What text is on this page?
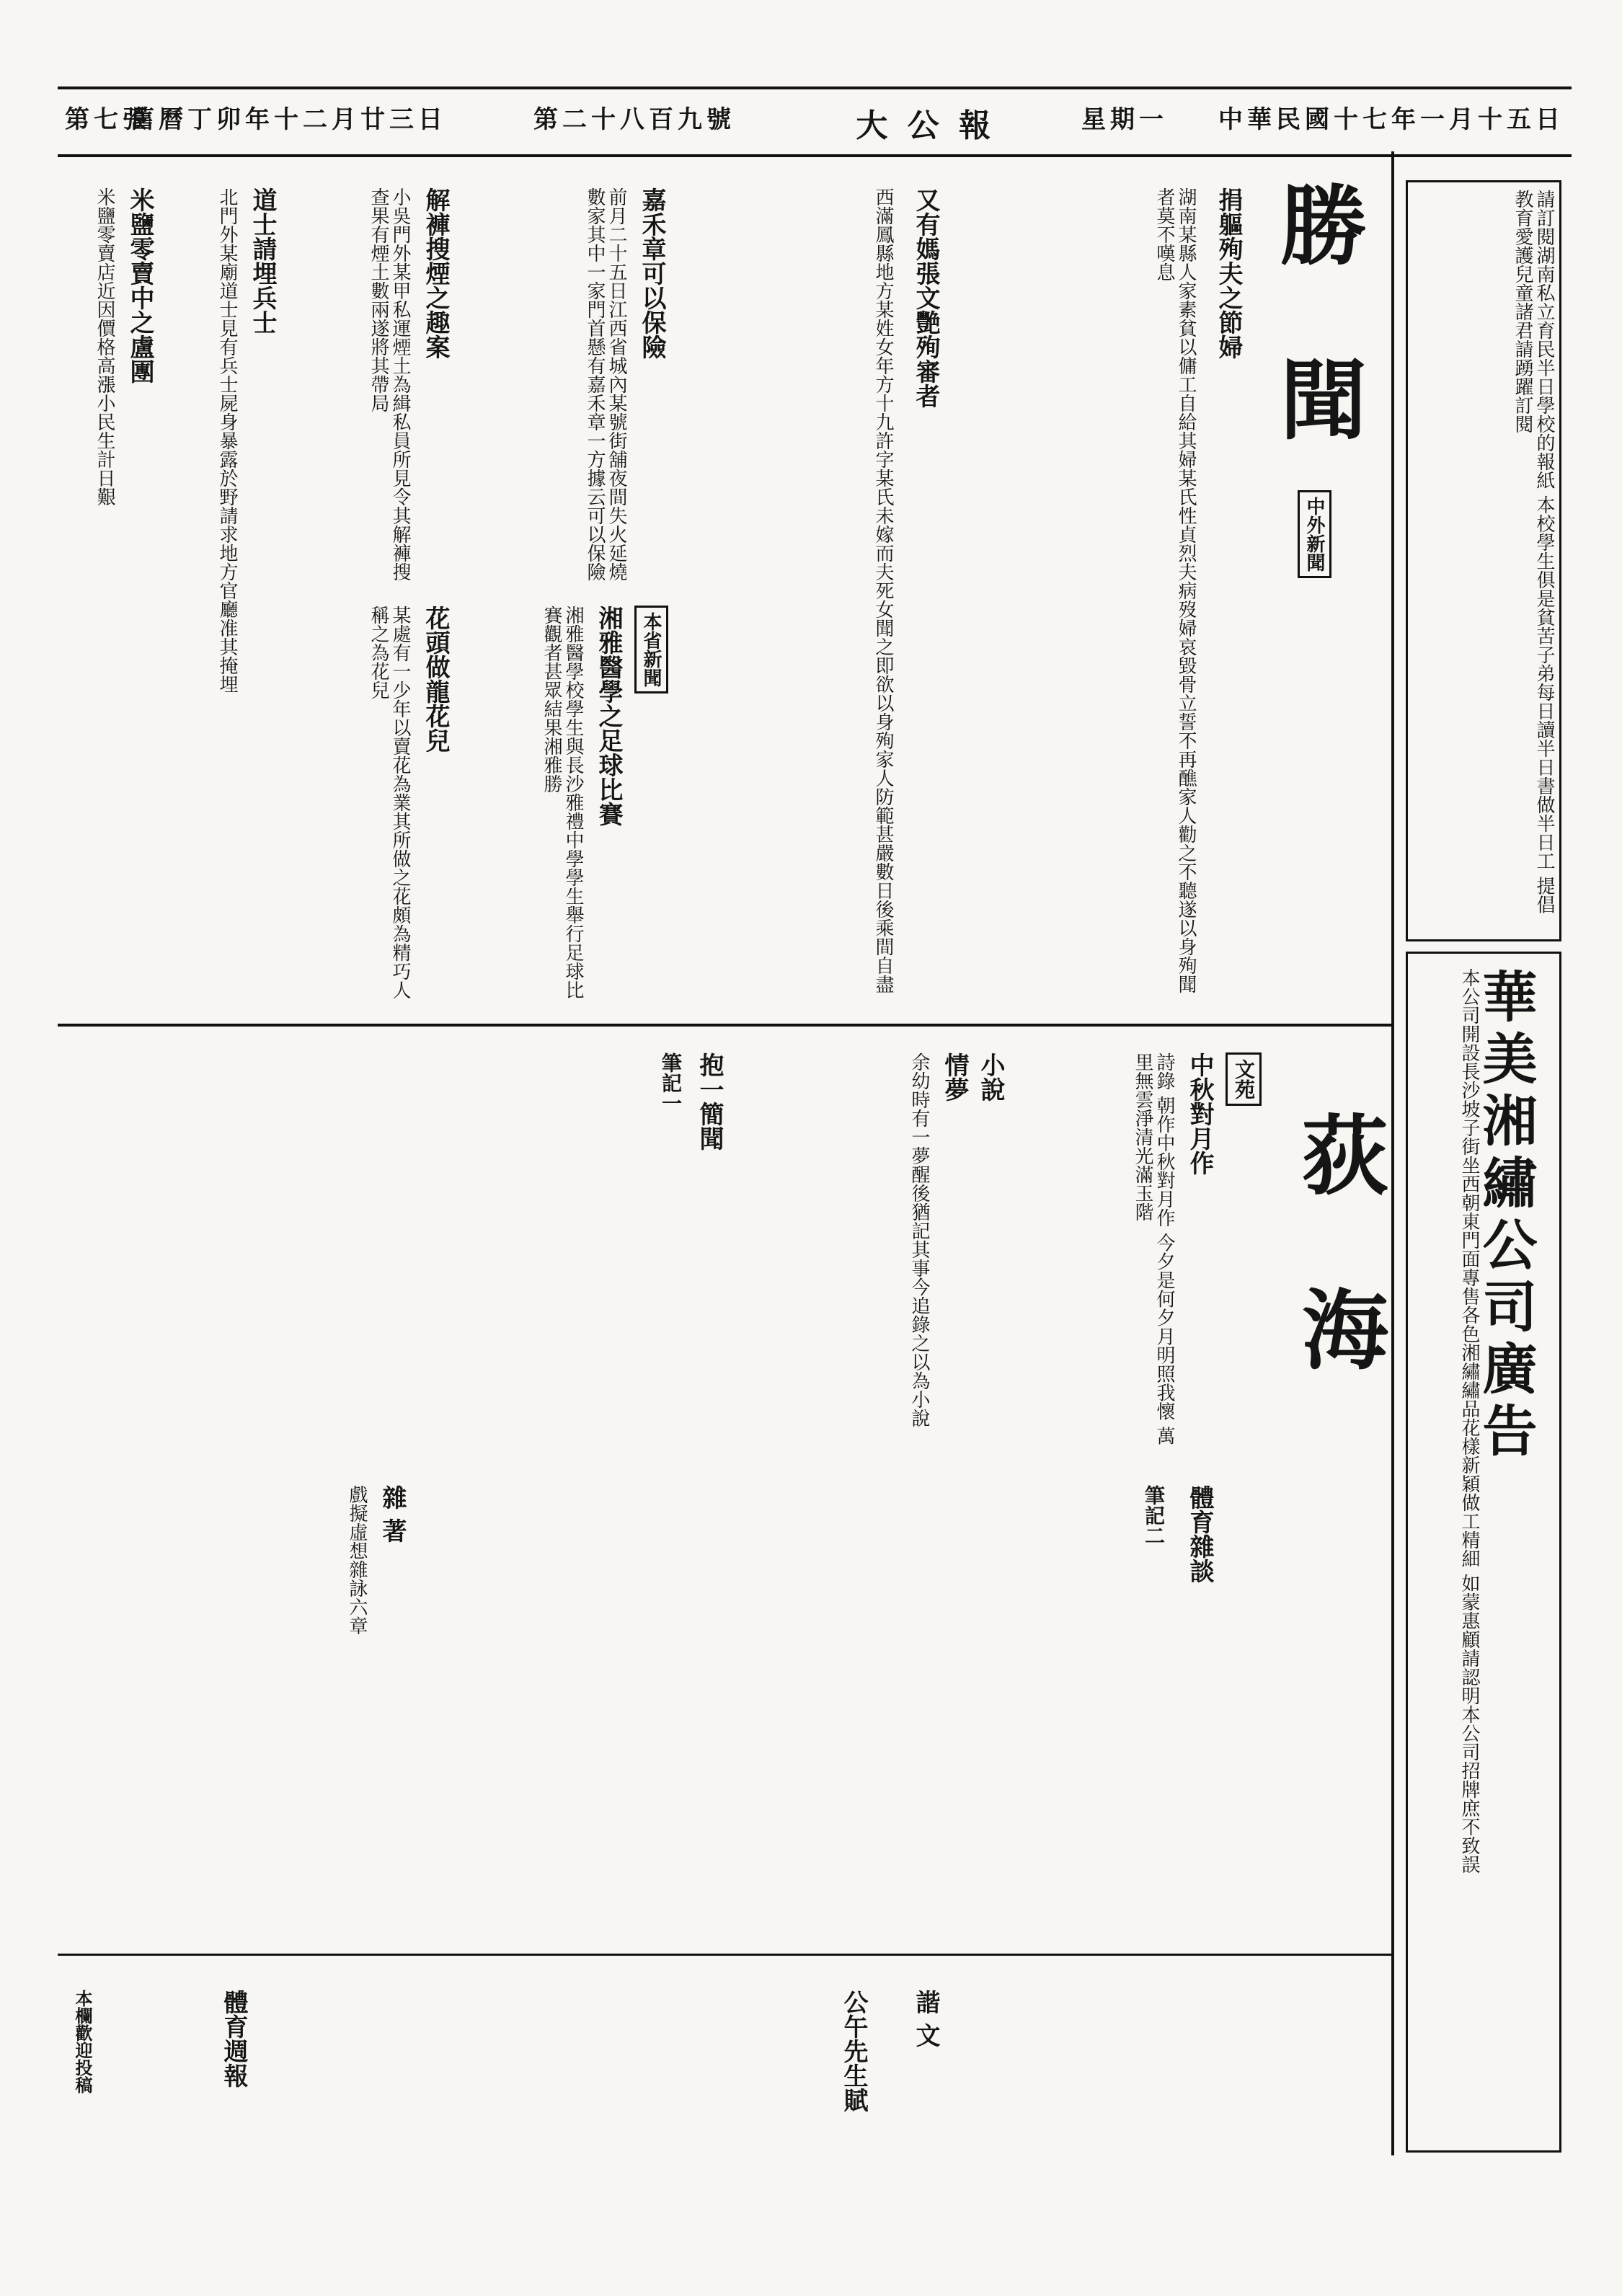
中華民國十七年一月十五日
星期一
大 公 報
第二十八百九號
舊曆丁卯年十二月廿三日
第七張
勝 聞
中外新聞
捐軀殉夫之節婦
湖南某縣人家素貧以傭工自給其婦某氏性貞烈夫病歿婦哀毀骨立誓不再醮家人勸之不聽遂以身殉聞者莫不嘆息
又有媽張文艷殉審者
西滿鳳縣地方某姓女年方十九許字某氏未嫁而夫死女聞之即欲以身殉家人防範甚嚴數日後乘間自盡
嘉禾章可以保險
前月二十五日江西省城內某號街舖夜間失火延燒數家其中一家門首懸有嘉禾章一方據云可以保險
本省新聞
湘雅醫學之足球比賽
湘雅醫學校學生與長沙雅禮中學學生舉行足球比賽觀者甚眾結果湘雅勝
解褲搜煙之趣案
小吳門外某甲私運煙土為緝私員所見令其解褲搜查果有煙土數兩遂將其帶局
花頭做龍花兒
某處有一少年以賣花為業其所做之花頗為精巧人稱之為花兒
道士請埋兵士
北門外某廟道士見有兵士屍身暴露於野請求地方官廳准其掩埋
米鹽零賣中之盧團
米鹽零賣店近因價格高漲小民生計日艱
荻 海
文苑
中秋對月作
詩錄 朝作中秋對月作 今夕是何夕月明照我懷 萬里無雲淨清光滿玉階
小說
情夢
余幼時有一夢醒後猶記其事今追錄之以為小說
抱一簡聞
筆記一
體育雜談
筆記二
雜 著
戲擬虛想雜詠六章
公午先生賦 諧 文
體育週報
本欄歡迎投稿
請訂閱湖南私立育民半日學校的報紙 本校學生俱是貧苦子弟每日讀半日書做半日工 提倡教育愛護兒童諸君請踴躍訂閱
華美湘繡公司廣告
本公司開設長沙坡子街坐西朝東門面專售各色湘繡繡品花樣新穎做工精細 如蒙惠顧請認明本公司招牌庶不致誤
